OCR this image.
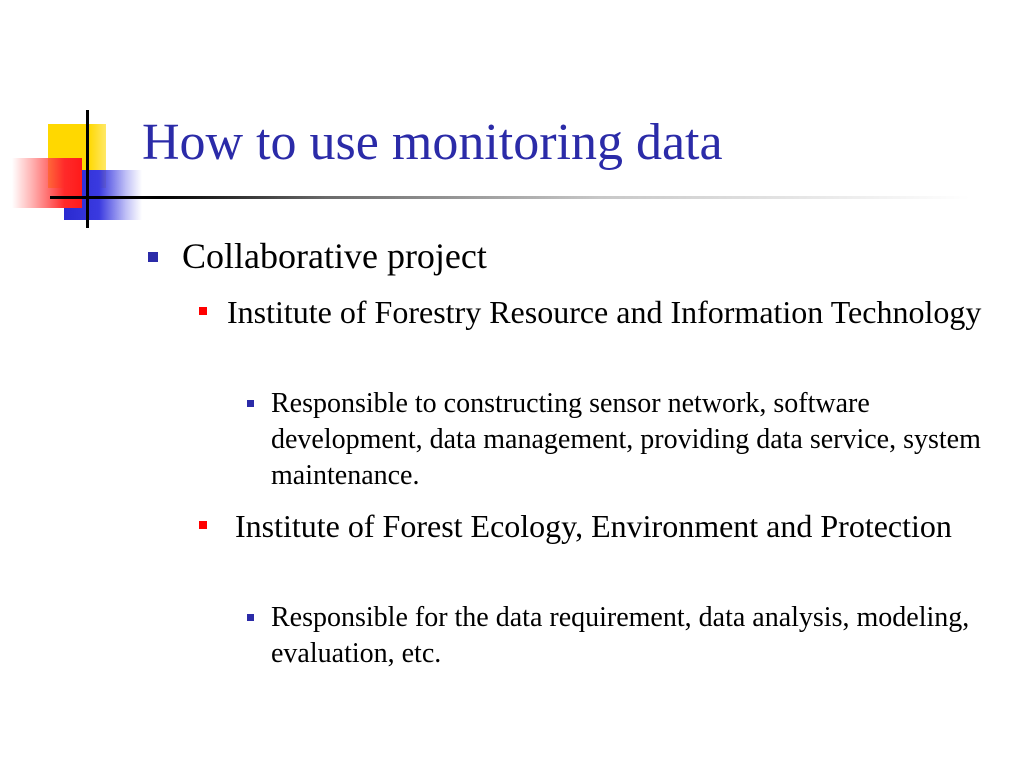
How to use monitoring data
Collaborative project
Institute of Forestry Resource and Information Technology
Responsible to constructing sensor network, software development, data management, providing data service, system maintenance.
Institute of Forest Ecology, Environment and Protection
Responsible for the data requirement, data analysis, modeling, evaluation, etc.
